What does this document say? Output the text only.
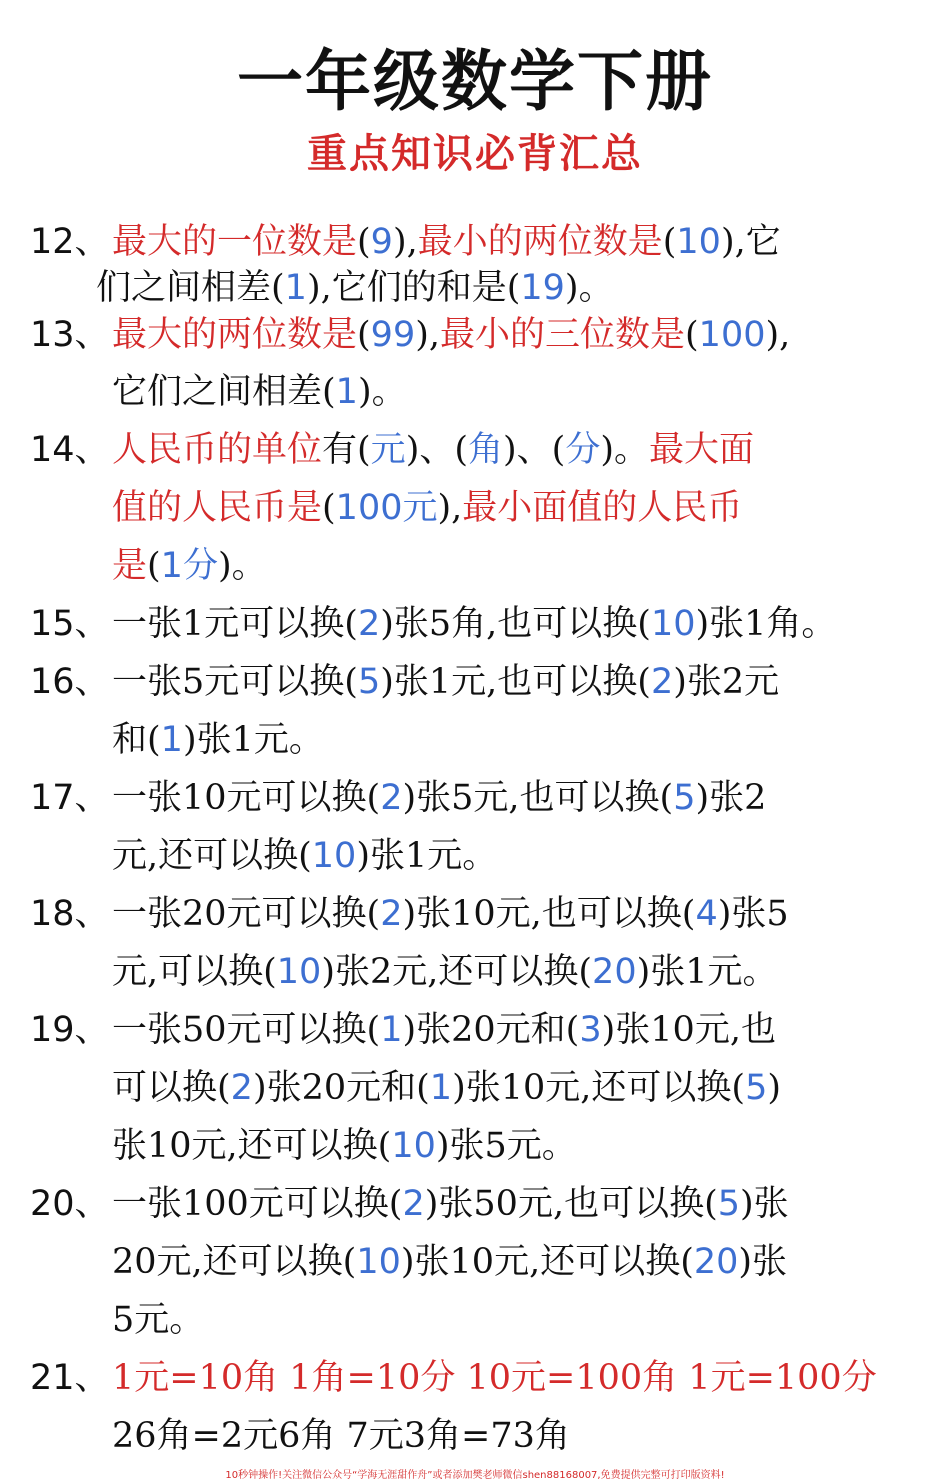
一年级数学下册
重点知识必背汇总
12、 最大的一位数是(9),最小的两位数是(10),它
们之间相差(1),它们的和是(19)。
13、 最大的两位数是(99),最小的三位数是(100),
它们之间相差(1)。
14、 人民币的单位有(元)、(角)、(分)。最大面
值的人民币是(100元),最小面值的人民币
是(1分)。
15、 一张1元可以换(2)张5角,也可以换(10)张1角。
16、 一张5元可以换(5)张1元,也可以换(2)张2元
和(1)张1元。
17、 一张10元可以换(2)张5元,也可以换(5)张2
元,还可以换(10)张1元。
18、 一张20元可以换(2)张10元,也可以换(4)张5
元,可以换(10)张2元,还可以换(20)张1元。
19、 一张50元可以换(1)张20元和(3)张10元,也
可以换(2)张20元和(1)张10元,还可以换(5)
张10元,还可以换(10)张5元。
20、 一张100元可以换(2)张50元,也可以换(5)张
20元,还可以换(10)张10元,还可以换(20)张
5元。
21、 1元=10角 1角=10分 10元=100角 1元=100分
26角=2元6角 7元3角=73角
10秒钟操作!关注微信公众号“学海无涯甜作舟”或者添加樊老师微信shen88168007,免费提供完整可打印版资料!
